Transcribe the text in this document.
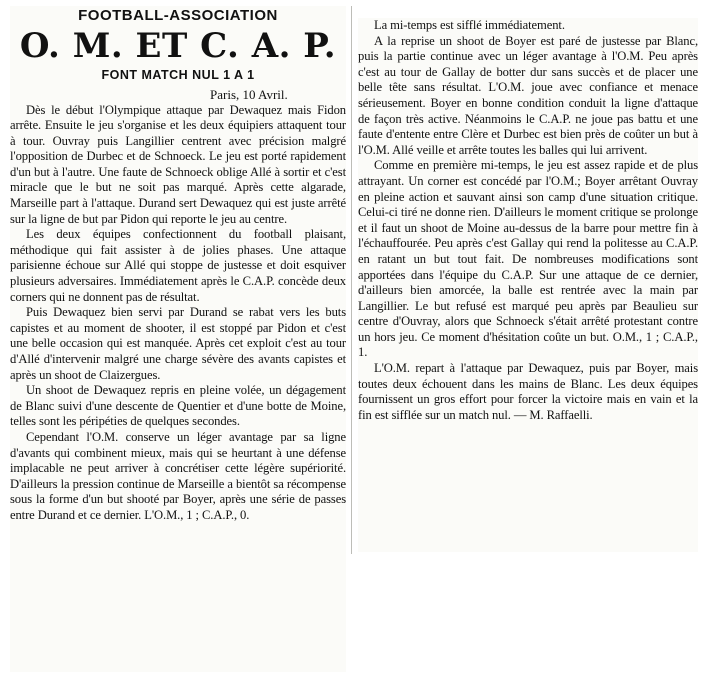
FOOTBALL-ASSOCIATION

O. M. ET C. A. P.

FONT MATCH NUL 1 A 1

Paris, 10 Avril.

Dès le début l'Olympique attaque par Dewaquez mais Fidon arrête. Ensuite le jeu s'organise et les deux équipiers attaquent tour à tour. Ouvray puis Langillier centrent avec précision malgré l'opposition de Durbec et de Schnoeck. Le jeu est porté rapidement d'un but à l'autre. Une faute de Schnoeck oblige Allé à sortir et c'est miracle que le but ne soit pas marqué. Après cette algarade, Marseille part à l'attaque. Durand sert Dewaquez qui est juste arrêté sur la ligne de but par Pidon qui reporte le jeu au centre.

Les deux équipes confectionnent du football plaisant, méthodique qui fait assister à de jolies phases. Une attaque parisienne échoue sur Allé qui stoppe de justesse et doit esquiver plusieurs adversaires. Immédiatement après le C.A.P. concède deux corners qui ne donnent pas de résultat.

Puis Dewaquez bien servi par Durand se rabat vers les buts capistes et au moment de shooter, il est stoppé par Pidon et c'est une belle occasion qui est manquée. Après cet exploit c'est au tour d'Allé d'intervenir malgré une charge sévère des avants capistes et après un shoot de Claizergues.

Un shoot de Dewaquez repris en pleine volée, un dégagement de Blanc suivi d'une descente de Quentier et d'une botte de Moine, telles sont les péripéties de quelques secondes.

Cependant l'O.M. conserve un léger avantage par sa ligne d'avants qui combinent mieux, mais qui se heurtant à une défense implacable ne peut arriver à concrétiser cette légère supériorité. D'ailleurs la pression continue de Marseille a bientôt sa récompense sous la forme d'un but shooté par Boyer, après une série de passes entre Durand et ce dernier. L'O.M., 1 ; C.A.P., 0.

La mi-temps est sifflé immédiatement.

A la reprise un shoot de Boyer est paré de justesse par Blanc, puis la partie continue avec un léger avantage à l'O.M. Peu après c'est au tour de Gallay de botter dur sans succès et de placer une belle tête sans résultat. L'O.M. joue avec confiance et menace sérieusement. Boyer en bonne condition conduit la ligne d'attaque de façon très active. Néanmoins le C.A.P. ne joue pas battu et une faute d'entente entre Clère et Durbec est bien près de coûter un but à l'O.M. Allé veille et arrête toutes les balles qui lui arrivent.

Comme en première mi-temps, le jeu est assez rapide et de plus attrayant. Un corner est concédé par l'O.M.; Boyer arrêtant Ouvray en pleine action et sauvant ainsi son camp d'une situation critique. Celui-ci tiré ne donne rien. D'ailleurs le moment critique se prolonge et il faut un shoot de Moine au-dessus de la barre pour mettre fin à l'échauffourée. Peu après c'est Gallay qui rend la politesse au C.A.P. en ratant un but tout fait. De nombreuses modifications sont apportées dans l'équipe du C.A.P. Sur une attaque de ce dernier, d'ailleurs bien amorcée, la balle est rentrée avec la main par Langillier. Le but refusé est marqué peu après par Beaulieu sur centre d'Ouvray, alors que Schnoeck s'était arrêté protestant contre un hors jeu. Ce moment d'hésitation coûte un but. O.M., 1 ; C.A.P., 1.

L'O.M. repart à l'attaque par Dewaquez, puis par Boyer, mais toutes deux échouent dans les mains de Blanc. Les deux équipes fournissent un gros effort pour forcer la victoire mais en vain et la fin est sifflée sur un match nul. — M. Raffaelli.
